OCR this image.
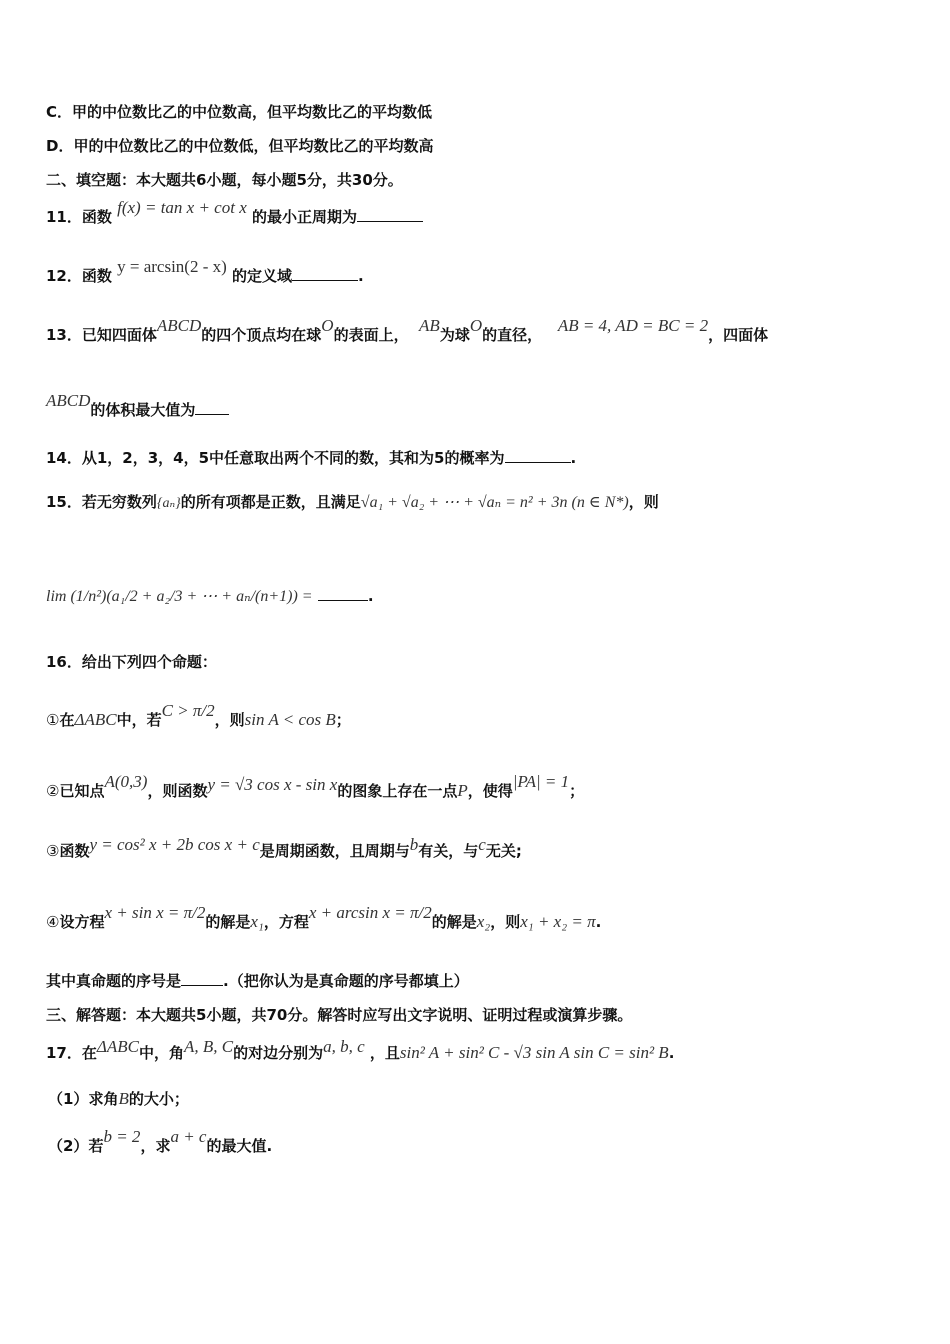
C．甲的中位数比乙的中位数高，但平均数比乙的平均数低
D．甲的中位数比乙的中位数低，但平均数比乙的平均数高
二、填空题：本大题共6小题，每小题5分，共30分。
11．函数 f(x) = tan x + cot x 的最小正周期为
12．函数 y = arcsin(2 - x) 的定义域	.
13．已知四面体ABCD的四个顶点均在球O的表面上， AB为球O的直径， AB = 4, AD = BC = 2，四面体
ABCD的体积最大值为
14．从1，2，3，4，5中任意取出两个不同的数，其和为5的概率为	.
15．若无穷数列{aₙ}的所有项都是正数，且满足√a₁ + √a₂ + ⋯ + √aₙ = n² + 3n (n ∈ N*)，则
lim (1/n²)(a₁/2 + a₂/3 + ⋯ + aₙ/(n+1)) =	.
16．给出下列四个命题：
①在ΔABC中，若C > π/2，则sin A < cos B；
②已知点A(0,3)，则函数y = √3 cos x - sin x的图象上存在一点P，使得|PA| = 1；
③函数y = cos² x + 2b cos x + c是周期函数，且周期与b有关，与c无关;
④设方程x + sin x = π/2的解是x₁，方程x + arcsin x = π/2的解是x₂，则x₁ + x₂ = π.
其中真命题的序号是	.（把你认为是真命题的序号都填上）
三、解答题：本大题共5小题，共70分。解答时应写出文字说明、证明过程或演算步骤。
17．在ΔABC中，角A, B, C的对边分别为a, b, c ，且sin² A + sin² C - √3 sin A sin C = sin² B.
（1）求角B的大小；
（2）若b = 2，求a + c的最大值.
